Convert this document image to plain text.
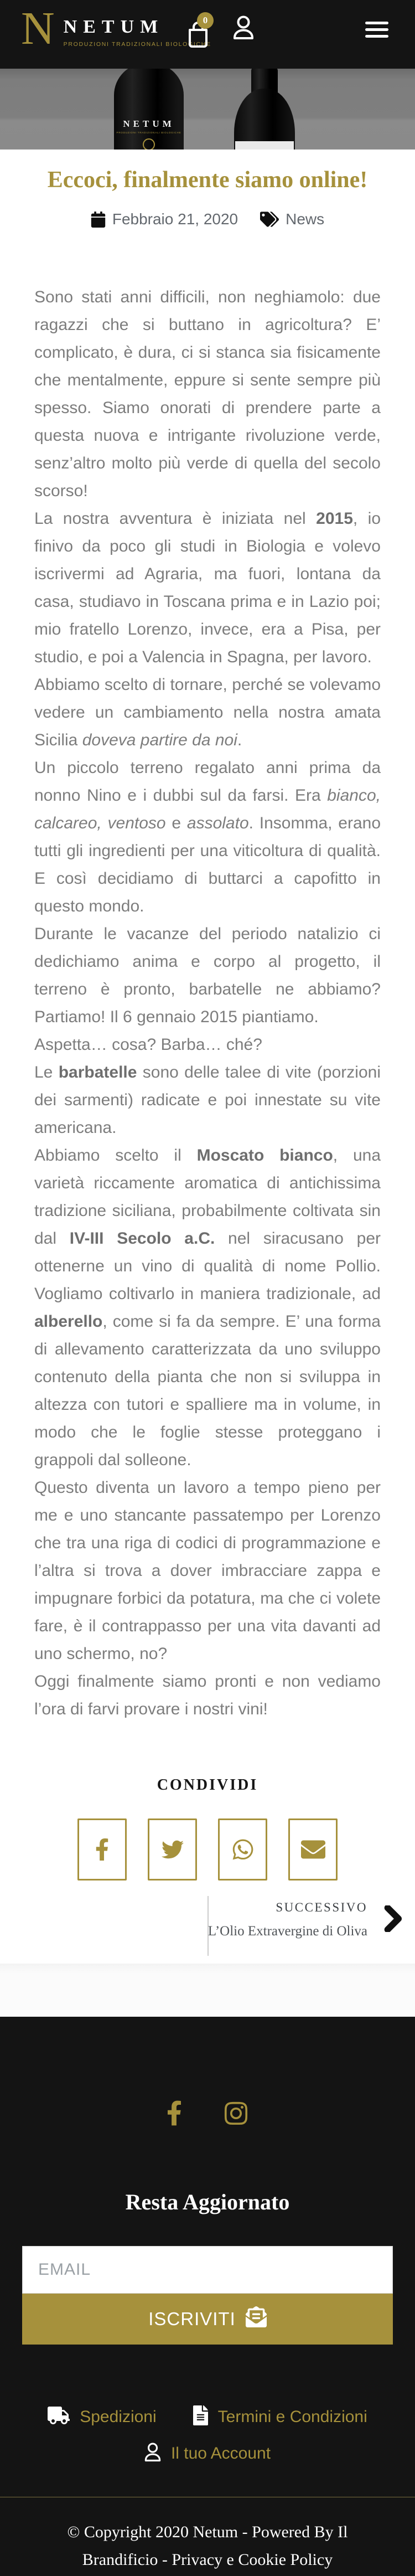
N NETUM
PRODUZIONI TRADIZIONALI BIOLOGICHE
0
NETUM
PRODUZIONI TRADIZIONALI BIOLOGICHE
Eccoci, finalmente siamo online!
Febbraio 21, 2020	News

Sono stati anni difficili, non neghiamolo: due ragazzi che si buttano in agricoltura? E’ complicato, è dura, ci si stanca sia fisicamente che mentalmente, eppure si sente sempre più spesso. Siamo onorati di prendere parte a questa nuova e intrigante rivoluzione verde, senz’altro molto più verde di quella del secolo scorso!

La nostra avventura è iniziata nel 2015, io finivo da poco gli studi in Biologia e volevo iscrivermi ad Agraria, ma fuori, lontana da casa, studiavo in Toscana prima e in Lazio poi; mio fratello Lorenzo, invece, era a Pisa, per studio, e poi a Valencia in Spagna, per lavoro.

Abbiamo scelto di tornare, perché se volevamo vedere un cambiamento nella nostra amata Sicilia doveva partire da noi.

Un piccolo terreno regalato anni prima da nonno Nino e i dubbi sul da farsi. Era bianco, calcareo, ventoso e assolato. Insomma, erano tutti gli ingredienti per una viticoltura di qualità. E così decidiamo di buttarci a capofitto in questo mondo.

Durante le vacanze del periodo natalizio ci dedichiamo anima e corpo al progetto, il terreno è pronto, barbatelle ne abbiamo? Partiamo! Il 6 gennaio 2015 piantiamo.

Aspetta… cosa? Barba… ché?

Le barbatelle sono delle talee di vite (porzioni dei sarmenti) radicate e poi innestate su vite americana.

Abbiamo scelto il Moscato bianco, una varietà riccamente aromatica di antichissima tradizione siciliana, probabilmente coltivata sin dal IV-III Secolo a.C. nel siracusano per ottenerne un vino di qualità di nome Pollio. Vogliamo coltivarlo in maniera tradizionale, ad alberello, come si fa da sempre. E’ una forma di allevamento caratterizzata da uno sviluppo contenuto della pianta che non si sviluppa in altezza con tutori e spalliere ma in volume, in modo che le foglie stesse proteggano i grappoli dal solleone.

Questo diventa un lavoro a tempo pieno per me e uno stancante passatempo per Lorenzo che tra una riga di codici di programmazione e l’altra si trova a dover imbracciare zappa e impugnare forbici da potatura, ma che ci volete fare, è il contrappasso per una vita davanti ad uno schermo, no?

Oggi finalmente siamo pronti e non vediamo l’ora di farvi provare i nostri vini!

CONDIVIDI
SUCCESSIVO
L’Olio Extravergine di Oliva
Resta Aggiornato
EMAIL
ISCRIVITI
Spedizioni	Termini e Condizioni
Il tuo Account
© Copyright 2020 Netum - Powered By Il Brandificio - Privacy e Cookie Policy
